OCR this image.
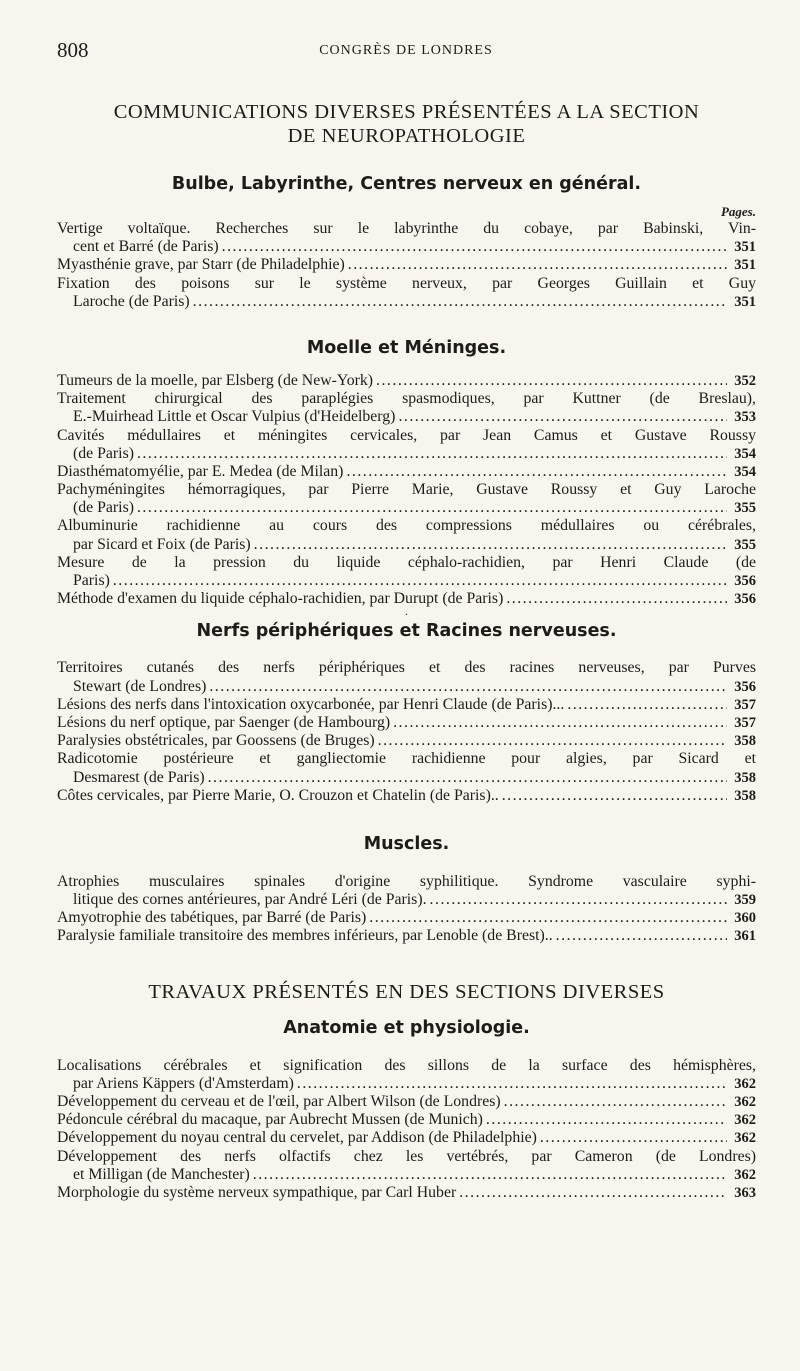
808	CONGRÈS DE LONDRES

COMMUNICATIONS DIVERSES PRÉSENTÉES A LA SECTION

DE NEUROPATHOLOGIE

Bulbe, Labyrinthe, Centres nerveux en général.
Pages.
Vertige voltaïque. Recherches sur le labyrinthe du cobaye, par Babinski, Vin-
cent et Barré (de Paris) .....	351
Myasthénie grave, par Starr (de Philadelphie) .....	351
Fixation des poisons sur le système nerveux, par Georges Guillain et Guy
Laroche (de Paris) .....	351
Moelle et Méninges.
Tumeurs de la moelle, par Elsberg (de New-York) .....	352
Traitement chirurgical des paraplégies spasmodiques, par Kuttner (de Breslau),
E.-Muirhead Little et Oscar Vulpius (d'Heidelberg) .....	353
Cavités médullaires et méningites cervicales, par Jean Camus et Gustave Roussy
(de Paris) .....	354
Diasthématomyélie, par E. Medea (de Milan) .....	354
Pachyméningites hémorragiques, par Pierre Marie, Gustave Roussy et Guy Laroche
(de Paris) .....	355
Albuminurie rachidienne au cours des compressions médullaires ou cérébrales,
par Sicard et Foix (de Paris) .....	355
Mesure de la pression du liquide céphalo-rachidien, par Henri Claude (de
Paris) .....	356
Méthode d'examen du liquide céphalo-rachidien, par Durupt (de Paris) .....	356
·
Nerfs périphériques et Racines nerveuses.
Territoires cutanés des nerfs périphériques et des racines nerveuses, par Purves
Stewart (de Londres) .....	356
Lésions des nerfs dans l'intoxication oxycarbonée, par Henri Claude (de Paris)... .....	357
Lésions du nerf optique, par Saenger (de Hambourg) .....	357
Paralysies obstétricales, par Goossens (de Bruges) .....	358
Radicotomie postérieure et gangliectomie rachidienne pour algies, par Sicard et
Desmarest (de Paris) .....	358
Côtes cervicales, par Pierre Marie, O. Crouzon et Chatelin (de Paris).. .....	358
Muscles.
Atrophies musculaires spinales d'origine syphilitique. Syndrome vasculaire syphi-
litique des cornes antérieures, par André Léri (de Paris). .....	359
Amyotrophie des tabétiques, par Barré (de Paris) .....	360
Paralysie familiale transitoire des membres inférieurs, par Lenoble (de Brest).. .....	361

TRAVAUX PRÉSENTÉS EN DES SECTIONS DIVERSES

Anatomie et physiologie.
Localisations cérébrales et signification des sillons de la surface des hémisphères,
par Ariens Käppers (d'Amsterdam) .....	362
Développement du cerveau et de l'œil, par Albert Wilson (de Londres) .....	362
Pédoncule cérébral du macaque, par Aubrecht Mussen (de Munich) .....	362
Développement du noyau central du cervelet, par Addison (de Philadelphie) .....	362
Développement des nerfs olfactifs chez les vertébrés, par Cameron (de Londres)
et Milligan (de Manchester) .....	362
Morphologie du système nerveux sympathique, par Carl Huber .....	363
